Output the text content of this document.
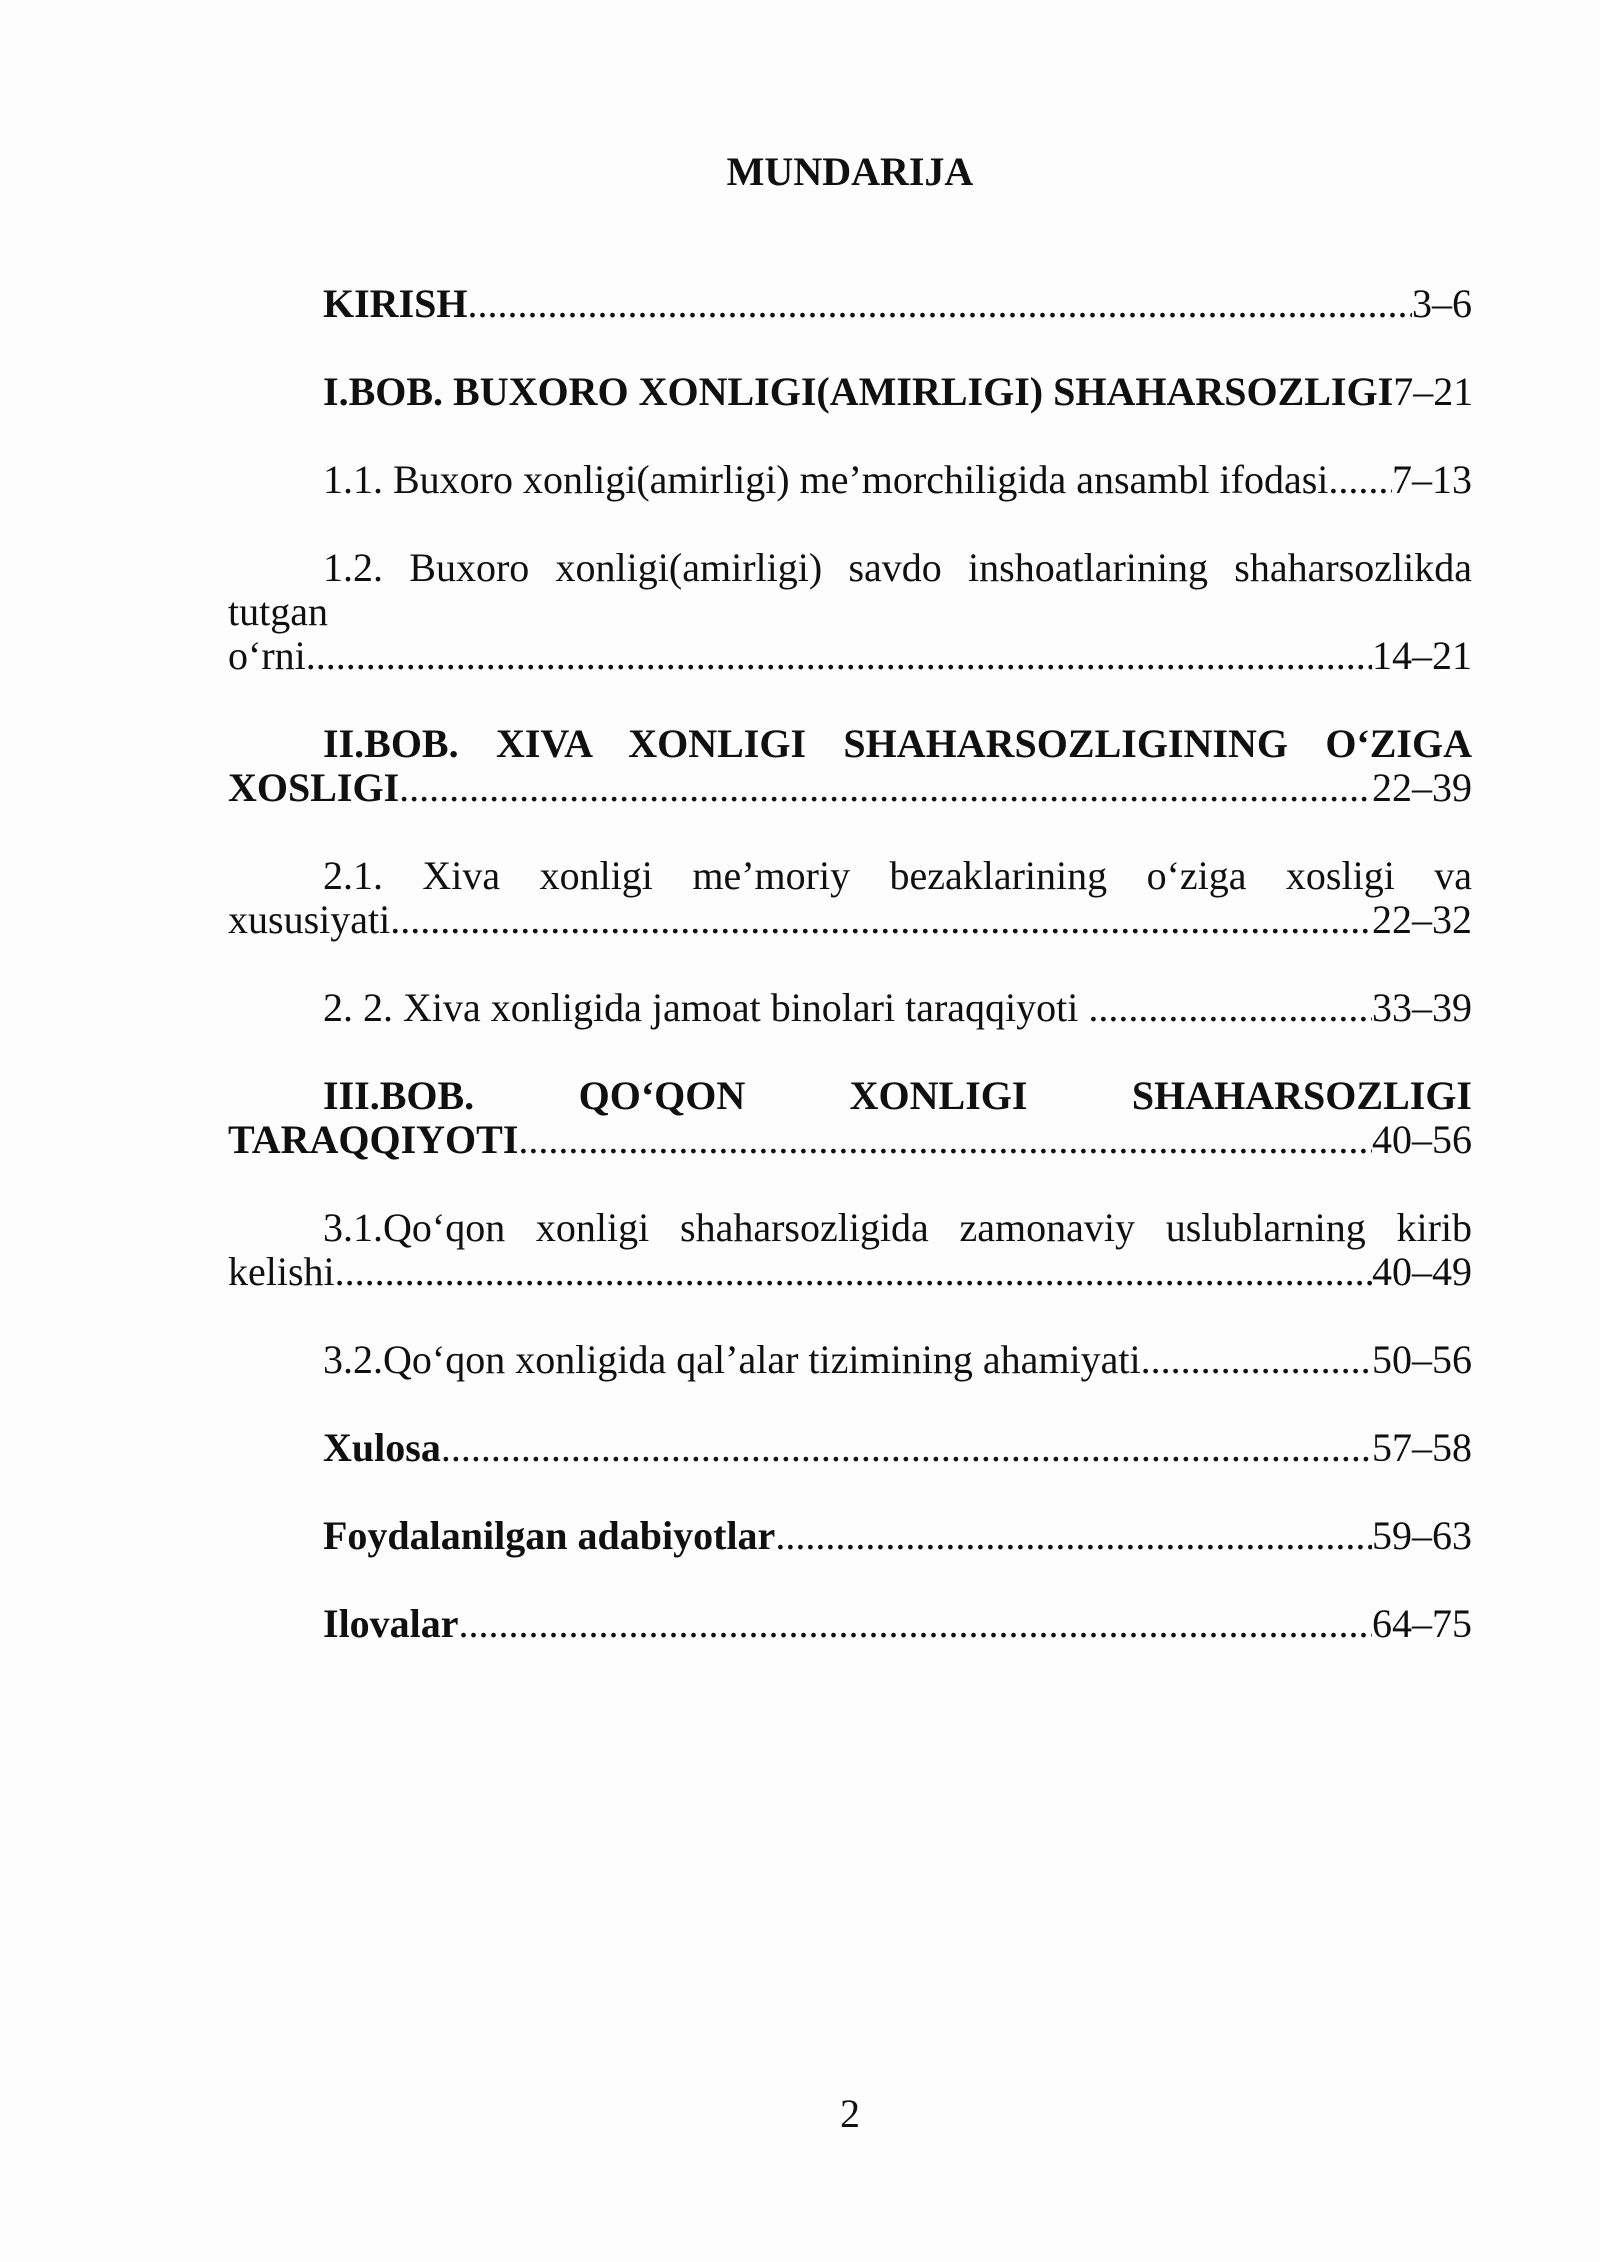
MUNDARIJA
KIRISH .....	3–6
I.BOB. BUXORO XONLIGI(AMIRLIGI) SHAHARSOZLIGI 7–21
1.1. Buxoro xonligi(amirligi) me’morchiligida ansambl ifodasi ..... 7–13
1.2. Buxoro xonligi(amirligi) savdo inshoatlarining shaharsozlikda tutgan
o‘rni .....	14–21
II.BOB. XIVA XONLIGI SHAHARSOZLIGINING O‘ZIGA
XOSLIGI .....	22–39
2.1. Xiva xonligi me’moriy bezaklarining o‘ziga xosligi va
xususiyati .....	22–32
2. 2. Xiva xonligida jamoat binolari taraqqiyoti .....	33–39
III.BOB. QO‘QON XONLIGI SHAHARSOZLIGI
TARAQQIYOTI .....	40–56
3.1.Qo‘qon xonligi shaharsozligida zamonaviy uslublarning kirib
kelishi .....	40–49
3.2.Qo‘qon xonligida qal’alar tizimining ahamiyati .....	50–56
Xulosa .....	57–58
Foydalanilgan adabiyotlar .....	59–63
Ilovalar .....	64–75
2
